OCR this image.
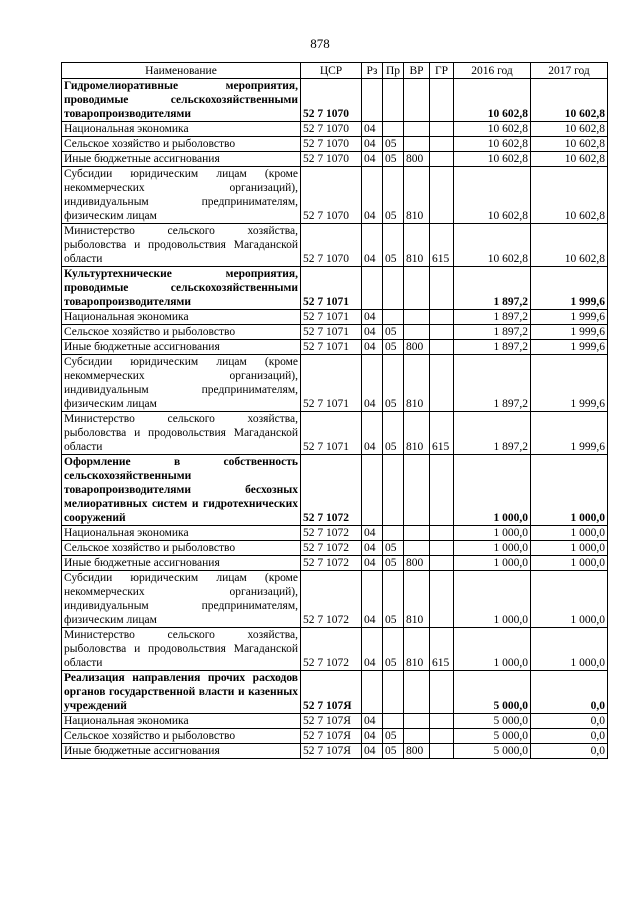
878
Наименование	ЦСР	Рз	Пр	ВР	ГР	2016 год	2017 год
Гидромелиоративные мероприятия, проводимые сельскохозяйственными товаропроизводителями	52 7 1070					10 602,8	10 602,8
Национальная экономика	52 7 1070	04				10 602,8	10 602,8
Сельское хозяйство и рыболовство	52 7 1070	04	05			10 602,8	10 602,8
Иные бюджетные ассигнования	52 7 1070	04	05	800		10 602,8	10 602,8
Субсидии юридическим лицам (кроме некоммерческих организаций), индивидуальным предпринимателям, физическим лицам	52 7 1070	04	05	810		10 602,8	10 602,8
Министерство сельского хозяйства, рыболовства и продовольствия Магаданской области	52 7 1070	04	05	810	615	10 602,8	10 602,8
Культуртехнические мероприятия, проводимые сельскохозяйственными товаропроизводителями	52 7 1071					1 897,2	1 999,6
Национальная экономика	52 7 1071	04				1 897,2	1 999,6
Сельское хозяйство и рыболовство	52 7 1071	04	05			1 897,2	1 999,6
Иные бюджетные ассигнования	52 7 1071	04	05	800		1 897,2	1 999,6
Субсидии юридическим лицам (кроме некоммерческих организаций), индивидуальным предпринимателям, физическим лицам	52 7 1071	04	05	810		1 897,2	1 999,6
Министерство сельского хозяйства, рыболовства и продовольствия Магаданской области	52 7 1071	04	05	810	615	1 897,2	1 999,6
Оформление в собственность сельскохозяйственными товаропроизводителями бесхозных мелиоративных систем и гидротехнических сооружений	52 7 1072					1 000,0	1 000,0
Национальная экономика	52 7 1072	04				1 000,0	1 000,0
Сельское хозяйство и рыболовство	52 7 1072	04	05			1 000,0	1 000,0
Иные бюджетные ассигнования	52 7 1072	04	05	800		1 000,0	1 000,0
Субсидии юридическим лицам (кроме некоммерческих организаций), индивидуальным предпринимателям, физическим лицам	52 7 1072	04	05	810		1 000,0	1 000,0
Министерство сельского хозяйства, рыболовства и продовольствия Магаданской области	52 7 1072	04	05	810	615	1 000,0	1 000,0
Реализация направления прочих расходов органов государственной власти и казенных учреждений	52 7 107Я					5 000,0	0,0
Национальная экономика	52 7 107Я	04				5 000,0	0,0
Сельское хозяйство и рыболовство	52 7 107Я	04	05			5 000,0	0,0
Иные бюджетные ассигнования	52 7 107Я	04	05	800		5 000,0	0,0
